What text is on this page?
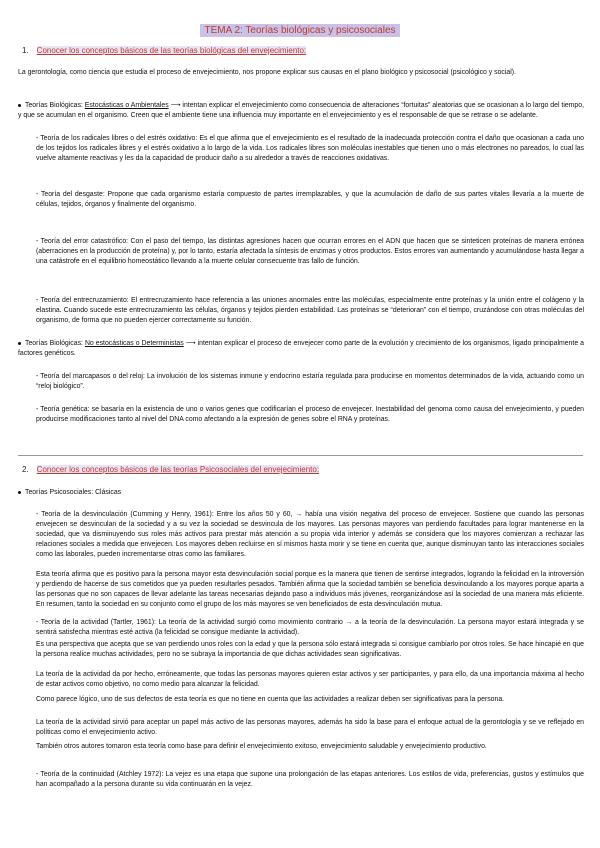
TEMA 2: Teorías biológicas y psicosociales
1. Conocer los conceptos básicos de las teorías biológicas del envejecimiento:
La gerontología, como ciencia que estudia el proceso de envejecimiento, nos propone explicar sus causas en el plano biológico y psicosocial (psicológico y social).
Teorías Biológicas: Estocásticas o Ambientales ⟶ intentan explicar el envejecimiento como consecuencia de alteraciones “fortuitas” aleatorias que se ocasionan a lo largo del tiempo, y que se acumulan en el organismo. Creen que el ambiente tiene una influencia muy importante en el envejecimiento y es el responsable de que se retrase o se adelante.
- Teoría de los radicales libres o del estrés oxidativo: Es el que afirma que el envejecimiento es el resultado de la inadecuada protección contra el daño que ocasionan a cada uno de los tejidos los radicales libres y el estrés oxidativo a lo largo de la vida. Los radicales libres son moléculas inestables que tienen uno o más electrones no pareados, lo cual las vuelve altamente reactivas y les da la capacidad de producir daño a su alrededor a través de reacciones oxidativas.
- Teoría del desgaste: Propone que cada organismo estaría compuesto de partes irremplazables, y que la acumulación de daño de sus partes vitales llevaría a la muerte de células, tejidos, órganos y finalmente del organismo.
- Teoría del error catastrófico: Con el paso del tiempo, las distintas agresiones hacen que ocurran errores en el ADN que hacen que se sinteticen proteínas de manera errónea (aberraciones en la producción de proteína) y, por lo tanto, estaría afectada la síntesis de enzimas y otros productos. Estos errores van aumentando y acumulándose hasta llegar a una catástrofe en el equilibrio homeostático llevando a la muerte celular consecuente tras fallo de función.
- Teoría del entrecruzamiento: El entrecruzamiento hace referencia a las uniones anormales entre las moléculas, especialmente entre proteínas y la unión entre el colágeno y la elastina. Cuando sucede este entrecruzamiento las células, órganos y tejidos pierden estabilidad. Las proteínas se “deterioran” con el tiempo, cruzándose con otras moléculas del organismo, de forma que no pueden ejercer correctamente su función.
Teorías Biológicas: No estocásticas o Deterministas ⟶ intentan explicar el proceso de envejecer como parte de la evolución y crecimiento de los organismos, ligado principalmente a factores genéticos.
- Teoría del marcapasos o del reloj: La involución de los sistemas inmune y endocrino estaría regulada para producirse en momentos determinados de la vida, actuando como un “reloj biológico”.
- Teoría genética: se basaría en la existencia de uno o varios genes que codificarían el proceso de envejecer. Inestabilidad del genoma como causa del envejecimiento, y pueden producirse modificaciones tanto al nivel del DNA como afectando a la expresión de genes sobre el RNA y proteínas.
2. Conocer los conceptos básicos de las teorías Psicosociales del envejecimiento:
Teorías Psicosociales: Clásicas
- Teoría de la desvinculación (Cumming y Henry, 1961): Entre los años 50 y 60, → había una visión negativa del proceso de envejecer. Sostiene que cuando las personas envejecen se desvinculan de la sociedad y a su vez la sociedad se desvincula de los mayores. Las personas mayores van perdiendo facultades para lograr mantenerse en la sociedad, que va disminuyendo sus roles más activos para prestar más atención a su propia vida interior y además se considera que los mayores comienzan a rechazar las relaciones sociales a medida que envejecen. Los mayores deben recluirse en sí mismos hasta morir y se tiene en cuenta que, aunque disminuyan tanto las interacciones sociales como las laborales, pueden incrementarse otras como las familiares.
Esta teoría afirma que es positivo para la persona mayor esta desvinculación social porque es la manera que tienen de sentirse integrados, logrando la felicidad en la introversión y perdiendo de hacerse de sus cometidos que ya pueden resultarles pesados. También afirma que la sociedad también se beneficia desvinculando a los mayores porque aparta a las personas que no son capaces de llevar adelante las tareas necesarias dejando paso a individuos más jóvenes, reorganizándose así la sociedad de una manera más eficiente. En resumen, tanto la sociedad en su conjunto como el grupo de los más mayores se ven beneficiados de esta desvinculación mutua.
- Teoría de la actividad (Tartler, 1961): La teoría de la actividad surgió como movimiento contrario → a la teoría de la desvinculación. La persona mayor estará integrada y se sentirá satisfecha mientras esté activa (la felicidad se consigue mediante la actividad).
Es una perspectiva que acepta que se van perdiendo unos roles con la edad y que la persona sólo estará integrada si consigue cambiarlo por otros roles. Se hace hincapié en que la persona realice muchas actividades, pero no se subraya la importancia de que dichas actividades sean significativas.
La teoría de la actividad da por hecho, erróneamente, que todas las personas mayores quieren estar activos y ser participantes, y para ello, da una importancia máxima al hecho de estar activos como objetivo, no como medio para alcanzar la felicidad.
Como parece lógico, uno de sus defectos de esta teoría es que no tiene en cuenta que las actividades a realizar deben ser significativas para la persona.
La teoría de la actividad sirvió para aceptar un papel más activo de las personas mayores, además ha sido la base para el enfoque actual de la gerontología y se ve reflejado en políticas como el envejecimiento activo.
También otros autores tomaron esta teoría como base para definir el envejecimiento exitoso, envejecimiento saludable y envejecimiento productivo.
- Teoría de la continuidad (Atchley 1972): La vejez es una etapa que supone una prolongación de las etapas anteriores. Los estilos de vida, preferencias, gustos y estímulos que han acompañado a la persona durante su vida continuarán en la vejez.
